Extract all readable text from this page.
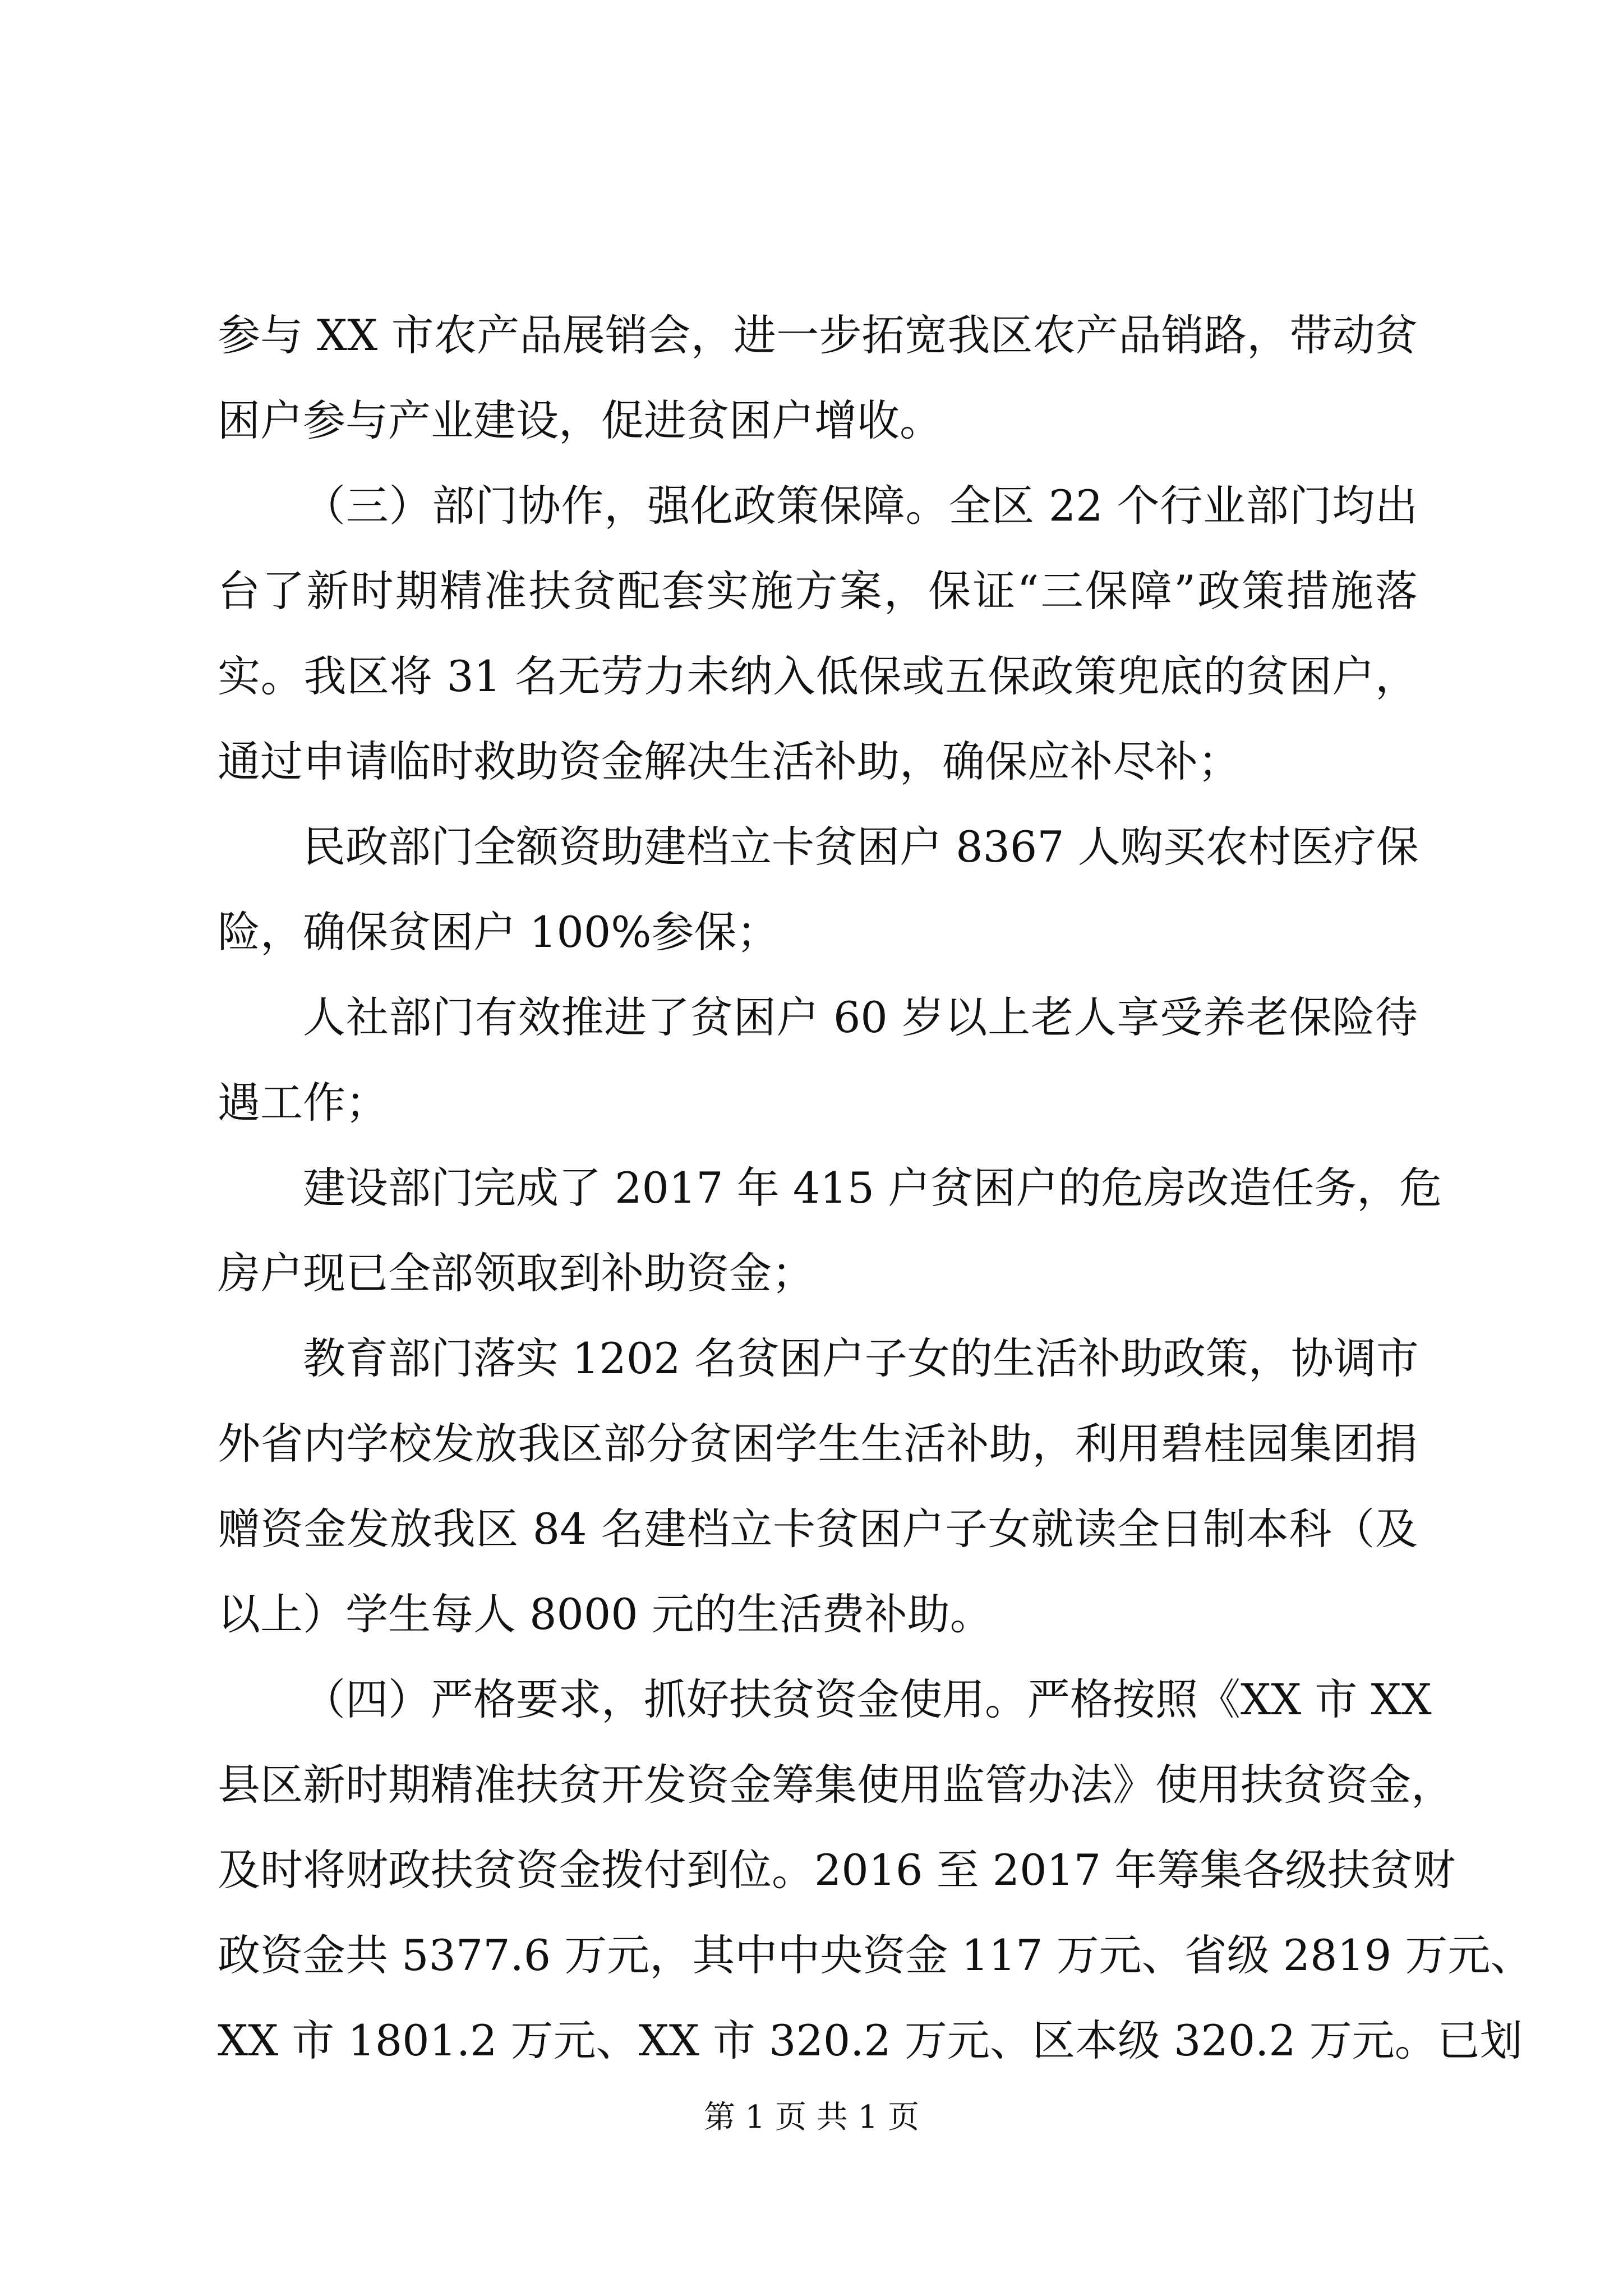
参与 XX 市农产品展销会，进一步拓宽我区农产品销路，带动贫
困户参与产业建设，促进贫困户增收。
（三）部门协作，强化政策保障。全区 22 个行业部门均出
台了新时期精准扶贫配套实施方案，保证“三保障”政策措施落
实。我区将 31 名无劳力未纳入低保或五保政策兜底的贫困户，
通过申请临时救助资金解决生活补助，确保应补尽补；
民政部门全额资助建档立卡贫困户 8367 人购买农村医疗保
险，确保贫困户 100%参保；
人社部门有效推进了贫困户 60 岁以上老人享受养老保险待
遇工作；
建设部门完成了 2017 年 415 户贫困户的危房改造任务，危
房户现已全部领取到补助资金；
教育部门落实 1202 名贫困户子女的生活补助政策，协调市
外省内学校发放我区部分贫困学生生活补助，利用碧桂园集团捐
赠资金发放我区 84 名建档立卡贫困户子女就读全日制本科（及
以上）学生每人 8000 元的生活费补助。
（四）严格要求，抓好扶贫资金使用。严格按照《XX 市 XX
县区新时期精准扶贫开发资金筹集使用监管办法》使用扶贫资金，
及时将财政扶贫资金拨付到位。2016 至 2017 年筹集各级扶贫财
政资金共 5377.6 万元，其中中央资金 117 万元、省级 2819 万元、
XX 市 1801.2 万元、XX 市 320.2 万元、区本级 320.2 万元。已划
第 1 页 共 1 页
